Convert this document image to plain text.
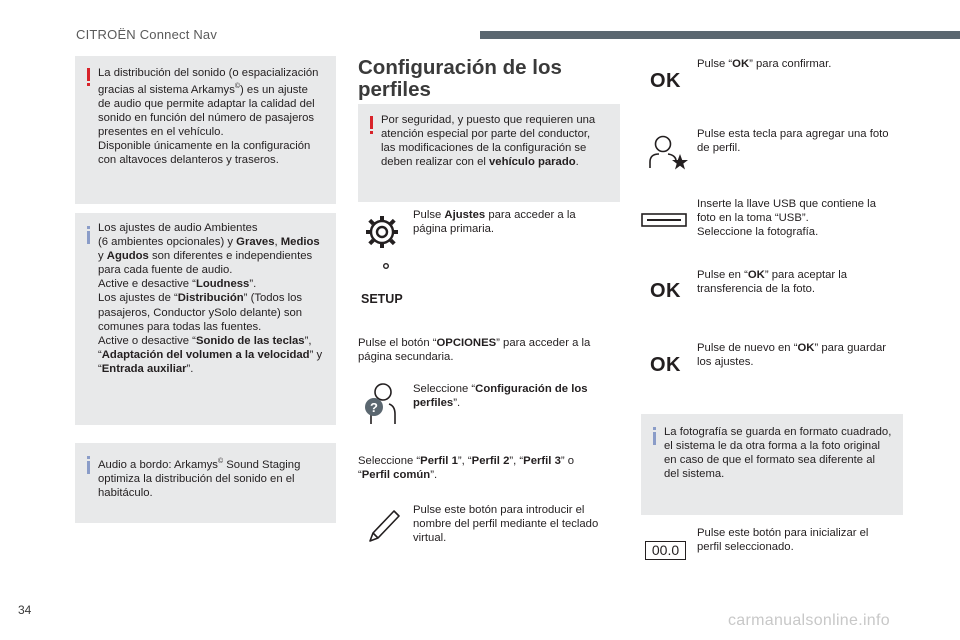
CITROËN Connect Nav

La distribución del sonido (o espacialización

gracias al sistema Arkamys©) es un ajuste

de audio que permite adaptar la calidad del

sonido en función del número de pasajeros

presentes en el vehículo.

Disponible únicamente en la configuración

con altavoces delanteros y traseros.

Los ajustes de audio Ambientes

(6 ambientes opcionales) y Graves, Medios

y Agudos son diferentes e independientes

para cada fuente de audio.

Active e desactive “Loudness”.

Los ajustes de “Distribución” (Todos los

pasajeros, Conductor ySolo delante) son

comunes para todas las fuentes.

Active o desactive “Sonido de las teclas”,

“Adaptación del volumen a la velocidad” y

“Entrada auxiliar”.

Audio a bordo: Arkamys© Sound Staging

optimiza la distribución del sonido en el

habitáculo.

Configuración de los
perfiles

Por seguridad, y puesto que requieren una

atención especial por parte del conductor,

las modificaciones de la configuración se

deben realizar con el vehículo parado.

SETUP

Pulse Ajustes para acceder a la

página primaria.

Pulse el botón “OPCIONES” para acceder a la

página secundaria.

?

Seleccione “Configuración de los

perfiles”.

Seleccione “Perfil 1”, “Perfil 2”, “Perfil 3” o

“Perfil común”.

Pulse este botón para introducir el

nombre del perfil mediante el teclado

virtual.

OK

Pulse “OK” para confirmar.

Pulse esta tecla para agregar una foto

de perfil.

Inserte la llave USB que contiene la

foto en la toma “USB”.

Seleccione la fotografía.

OK

Pulse en “OK” para aceptar la

transferencia de la foto.

OK

Pulse de nuevo en “OK” para guardar

los ajustes.

La fotografía se guarda en formato cuadrado,

el sistema le da otra forma a la foto original

en caso de que el formato sea diferente al

del sistema.

00.0

Pulse este botón para inicializar el

perfil seleccionado.

34
carmanualsonline.info
